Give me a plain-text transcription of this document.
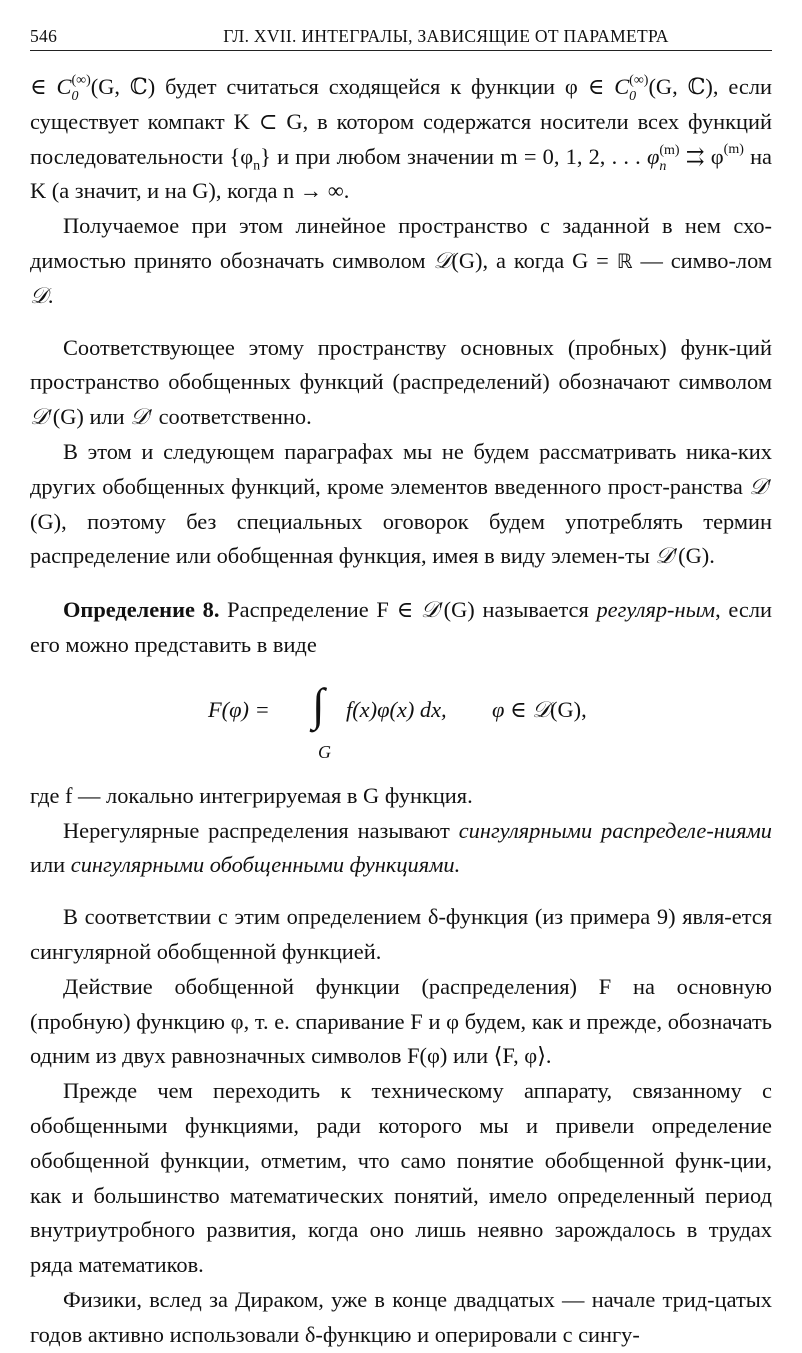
546	ГЛ. XVII. ИНТЕГРАЛЫ, ЗАВИСЯЩИЕ ОТ ПАРАМЕТРА

∈ C (∞)
0 (G, ℂ) будет считаться сходящейся к функции φ ∈ C (∞)
0 (G, ℂ), если существует компакт K ⊂ G, в котором содержатся носители всех функций последовательности $\{\varphi_n\}$ и при любом значении m = 0, 1, 2, . . . φ (m)
n ⇉ $\varphi^{(m)}$ на K (а значит, и на G), когда n → ∞.

Получаемое при этом линейное пространство с заданной в нем схо-димостью принято обозначать символом 𝒟(G), а когда G = ℝ — симво-лом 𝒟.

Соответствующее этому пространству основных (пробных) функ-ций пространство обобщенных функций (распределений) обозначают символом 𝒟′(G) или 𝒟′ соответственно.

В этом и следующем параграфах мы не будем рассматривать ника-ких других обобщенных функций, кроме элементов введенного прост-ранства 𝒟′(G), поэтому без специальных оговорок будем употреблять термин распределение или обобщенная функция, имея в виду элемен-ты 𝒟′(G).

Определение 8. Распределение F ∈ 𝒟′(G) называется регуляр-ным, если его можно представить в виде

F(φ) = ∫
G
f(x)φ(x) dx, φ ∈ 𝒟(G),

где f — локально интегрируемая в G функция.

Нерегулярные распределения называют сингулярными распределе-ниями или сингулярными обобщенными функциями.

В соответствии с этим определением δ-функция (из примера 9) явля-ется сингулярной обобщенной функцией.

Действие обобщенной функции (распределения) F на основную (пробную) функцию φ, т. е. спаривание F и φ будем, как и прежде, обозначать одним из двух равнозначных символов F(φ) или ⟨F, φ⟩.

Прежде чем переходить к техническому аппарату, связанному с обобщенными функциями, ради которого мы и привели определение обобщенной функции, отметим, что само понятие обобщенной функ-ции, как и большинство математических понятий, имело определенный период внутриутробного развития, когда оно лишь неявно зарождалось в трудах ряда математиков.

Физики, вслед за Дираком, уже в конце двадцатых — начале трид-цатых годов активно использовали δ-функцию и оперировали с сингу-
